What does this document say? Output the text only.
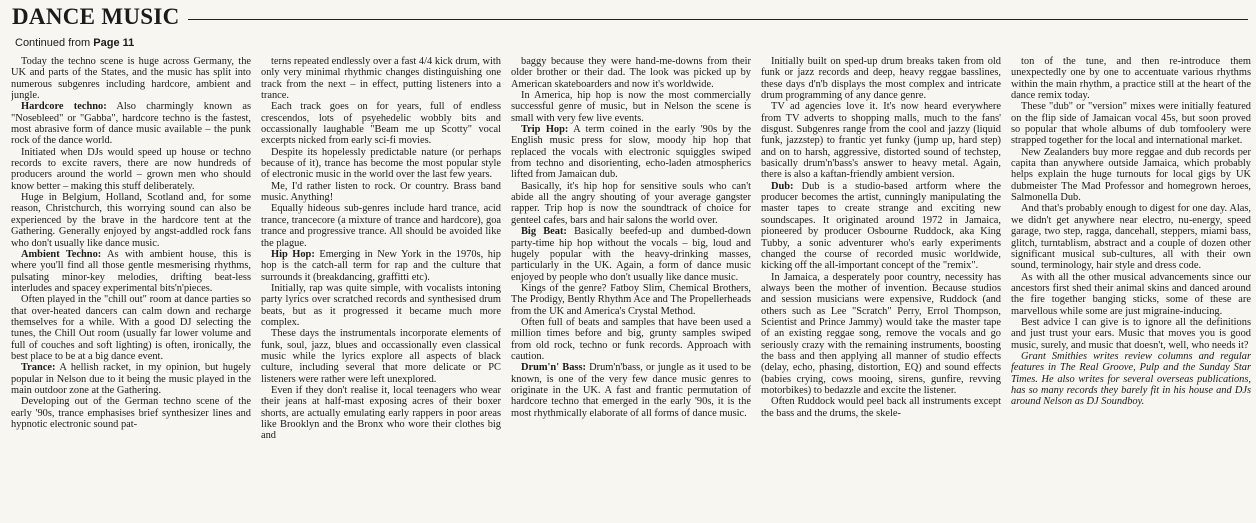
DANCE MUSIC
Continued from Page 11

Today the techno scene is huge across Germany, the UK and parts of the States, and the music has split into numerous subgenres including hardcore, ambient and jungle.

Hardcore techno: Also charmingly known as "Nosebleed" or "Gabba", hardcore techno is the fastest, most abrasive form of dance music available – the punk rock of the dance world.

Initiated when DJs would speed up house or techno records to excite ravers, there are now hundreds of producers around the world – grown men who should know better – making this stuff deliberately.

Huge in Belgium, Holland, Scotland and, for some reason, Christchurch, this worrying sound can also be experienced by the brave in the hardcore tent at the Gathering. Generally enjoyed by angst-addled rock fans who don't usually like dance music.

Ambient Techno: As with ambient house, this is where you'll find all those gentle mesmerising rhythms, pulsating minor-key melodies, drifting beat-less interludes and spacey experimental bits'n'pieces.

Often played in the "chill out" room at dance parties so that over-heated dancers can calm down and recharge themselves for a while. With a good DJ selecting the tunes, the Chill Out room (usually far lower volume and full of couches and soft lighting) is often, ironically, the best place to be at a big dance event.

Trance: A hellish racket, in my opinion, but hugely popular in Nelson due to it being the music played in the main outdoor zone at the Gathering.

Developing out of the German techno scene of the early '90s, trance emphasises brief synthesizer lines and hypnotic electronic sound pat-

terns repeated endlessly over a fast 4/4 kick drum, with only very minimal rhythmic changes distinguishing one track from the next – in effect, putting listeners into a trance.

Each track goes on for years, full of endless crescendos, lots of psyehedelic wobbly bits and occassionally laughable "Beam me up Scotty" vocal excerpts nicked from early sci-fi movies.

Despite its hopelessly predictable nature (or perhaps because of it), trance has become the most popular style of electronic music in the world over the last few years.

Me, I'd rather listen to rock. Or country. Brass band music. Anything!

Equally hideous sub-genres include hard trance, acid trance, trancecore (a mixture of trance and hardcore), goa trance and progressive trance. All should be avoided like the plague.

Hip Hop: Emerging in New York in the 1970s, hip hop is the catch-all term for rap and the culture that surrounds it (breakdancing, graffitti etc).

Initially, rap was quite simple, with vocalists intoning party lyrics over scratched records and synthesised drum beats, but as it progressed it became much more complex.

These days the instrumentals incorporate elements of funk, soul, jazz, blues and occassionally even classical music while the lyrics explore all aspects of black culture, including several that more delicate or PC listeners were rather were left unexplored.

Even if they don't realise it, local teenagers who wear their jeans at half-mast exposing acres of their boxer shorts, are actually emulating early rappers in poor areas like Brooklyn and the Bronx who wore their clothes big and

baggy because they were hand-me-downs from their older brother or their dad. The look was picked up by American skateboarders and now it's worldwide.

In America, hip hop is now the most commercially successful genre of music, but in Nelson the scene is small with very few live events.

Trip Hop: A term coined in the early '90s by the English music press for slow, moody hip hop that replaced the vocals with electronic squiggles swiped from techno and disorienting, echo-laden atmospherics lifted from Jamaican dub.

Basically, it's hip hop for sensitive souls who can't abide all the angry shouting of your average gangster rapper. Trip hop is now the soundtrack of choice for genteel cafes, bars and hair salons the world over.

Big Beat: Basically beefed-up and dumbed-down party-time hip hop without the vocals – big, loud and hugely popular with the heavy-drinking masses, particularly in the UK. Again, a form of dance music enjoyed by people who don't usually like dance music.

Kings of the genre? Fatboy Slim, Chemical Brothers, The Prodigy, Bently Rhythm Ace and The Propellerheads from the UK and America's Crystal Method.

Often full of beats and samples that have been used a million times before and big, grunty samples swiped from old rock, techno or funk records. Approach with caution.

Drum'n' Bass: Drum'n'bass, or jungle as it used to be known, is one of the very few dance music genres to originate in the UK. A fast and frantic permutation of hardcore techno that emerged in the early '90s, it is the most rhythmically elaborate of all forms of dance music.

Initially built on sped-up drum breaks taken from old funk or jazz records and deep, heavy reggae basslines, these days d'n'b displays the most complex and intricate drum programming of any dance genre.

TV ad agencies love it. It's now heard everywhere from TV adverts to shopping malls, much to the fans' disgust. Subgenres range from the cool and jazzy (liquid funk, jazzstep) to frantic yet funky (jump up, hard step) and on to harsh, aggressive, distorted sound of techstep, basically drum'n'bass's answer to heavy metal. Again, there is also a kaftan-friendly ambient version.

Dub: Dub is a studio-based artform where the producer becomes the artist, cunningly manipulating the master tapes to create strange and exciting new soundscapes. It originated around 1972 in Jamaica, pioneered by producer Osbourne Ruddock, aka King Tubby, a sonic adventurer who's early experiments changed the course of recorded music worldwide, kicking off the all-important concept of the "remix".

In Jamaica, a desperately poor country, necessity has always been the mother of invention. Because studios and session musicians were expensive, Ruddock (and others such as Lee "Scratch" Perry, Errol Thompson, Scientist and Prince Jammy) would take the master tape of an existing reggae song, remove the vocals and go seriously crazy with the remaining instruments, boosting the bass and then applying all manner of studio effects (delay, echo, phasing, distortion, EQ) and sound effects (babies crying, cows mooing, sirens, gunfire, revving motorbikes) to bedazzle and excite the listener.

Often Ruddock would peel back all instruments except the bass and the drums, the skele-

ton of the tune, and then re-introduce them unexpectedly one by one to accentuate various rhythms within the main rhythm, a practice still at the heart of the dance remix today.

These "dub" or "version" mixes were initially featured on the flip side of Jamaican vocal 45s, but soon proved so popular that whole albums of dub tomfoolery were strapped together for the local and international market.

New Zealanders buy more reggae and dub records per capita than anywhere outside Jamaica, which probably helps explain the huge turnouts for local gigs by UK dubmeister The Mad Professor and homegrown heroes, Salmonella Dub.

And that's probably enough to digest for one day. Alas, we didn't get anywhere near electro, nu-energy, speed garage, two step, ragga, dancehall, steppers, miami bass, glitch, turntablism, abstract and a couple of dozen other significant musical sub-cultures, all with their own sound, terminology, hair style and dress code.

As with all the other musical advancements since our ancestors first shed their animal skins and danced around the fire together banging sticks, some of these are marvellous while some are just migraine-inducing.

Best advice I can give is to ignore all the definitions and just trust your ears. Music that moves you is good music, surely, and music that doesn't, well, who needs it?

Grant Smithies writes review columns and regular features in The Real Groove, Pulp and the Sunday Star Times. He also writes for several overseas publications, has so many records they barely fit in his house and DJs around Nelson as DJ Soundboy.
